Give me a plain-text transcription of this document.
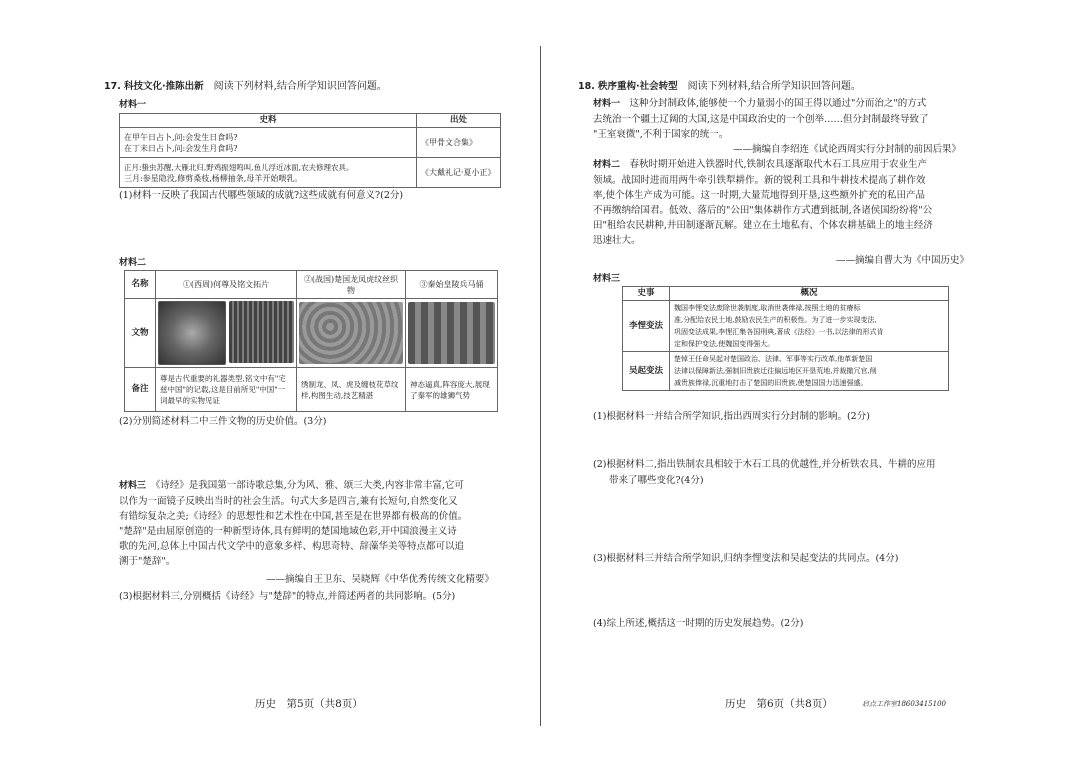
17. 科技文化·推陈出新　 阅读下列材料,结合所学知识回答问题。
材料一
史料	出处

在甲午日占卜,问:会发生日食吗?
在丁未日占卜,问:会发生月食吗?	《甲骨文合集》

正月:蛰虫苏醒,大雁北归,野鸡振翅鸣叫,鱼儿浮近冰面,农夫修理农具。
三月:参星隐没,修剪桑枝,杨柳抽条,母羊开始喂乳。	《大戴礼记·夏小正》
(1)材料一反映了我国古代哪些领域的成就?这些成就有何意义?(2分)
材料二
名称	①(西周)何尊及铭文拓片	②(战国)楚国龙凤虎纹丝织物	③秦始皇陵兵马俑
文物	

备注	尊是古代重要的礼器类型,铭文中有"宅兹中国"的记载,这是目前所见"中国"一词最早的实物见证	绣制龙、凤、虎及缠枝花草纹样,构图生动,技艺精湛	神态逼真,阵容庞大,展现了秦军的雄狮气势
(2)分别简述材料二中三件文物的历史价值。(3分)
材料三　 《诗经》是我国第一部诗歌总集,分为风、雅、颂三大类,内容非常丰富,它可
以作为一面镜子反映出当时的社会生活。句式大多是四言,兼有长短句,自然变化又
有错综复杂之美;《诗经》的思想性和艺术性在中国,甚至是在世界都有极高的价值。
"楚辞"是由屈原创造的一种新型诗体,具有鲜明的楚国地域色彩,开中国浪漫主义诗
歌的先河,总体上中国古代文学中的意象多样、构思奇特、辞藻华美等特点都可以追
溯于"楚辞"。
——摘编自王卫东、吴晓辉《中华优秀传统文化精要》
(3)根据材料三,分别概括《诗经》与"楚辞"的特点,并简述两者的共同影响。(5分)
历史　第5页（共8页）
18. 秩序重构·社会转型　 阅读下列材料,结合所学知识回答问题。
材料一　 这种分封制政体,能够使一个力量弱小的国王得以通过"分而治之"的方式
去统治一个疆土辽阔的大国,这是中国政治史的一个创举……但分封制最终导致了
"王室衰微",不利于国家的统一。
——摘编自李绍连《试论西周实行分封制的前因后果》
材料二　 春秋时期开始进入铁器时代,铁制农具逐渐取代木石工具应用于农业生产
领域。战国时进而用两牛牵引铁犁耕作。新的锐利工具和牛耕技术提高了耕作效
率,使个体生产成为可能。这一时期,大量荒地得到开垦,这些额外扩充的私田产品
不再缴纳给国君。低效、落后的"公田"集体耕作方式遭到抵制,各诸侯国纷纷将"公
田"租给农民耕种,井田制逐渐瓦解。建立在土地私有、个体农耕基础上的地主经济
迅速壮大。
——摘编自曹大为《中国历史》
材料三
史事	概况
李悝变法	魏国李悝变法废除世袭制度,取消世袭俸禄,按照土地的贫瘠标
准,分配给农民土地,鼓励农民生产的积极性。为了进一步实现变法,
巩固变法成果,李悝汇集各国刑典,著成《法经》一书,以法律的形式肯
定和保护变法,使魏国变得强大。

吴起变法	楚悼王任命吴起对楚国政治、法律、军事等实行改革,他革新楚国
法律以保障新法,强制旧贵族迁往偏远地区开垦荒地,并裁撤冗官,削
减贵族俸禄,沉重地打击了楚国的旧贵族,使楚国国力迅速强盛。
(1)根据材料一并结合所学知识,指出西周实行分封制的影响。(2分)
(2)根据材料二,指出铁制农具相较于木石工具的优越性,并分析铁农具、牛耕的应用
带来了哪些变化?(4分)
(3)根据材料三并结合所学知识,归纳李悝变法和吴起变法的共同点。(4分)
(4)综上所述,概括这一时期的历史发展趋势。(2分)
历史　第6页（共8页）	启点工作室18603415100
